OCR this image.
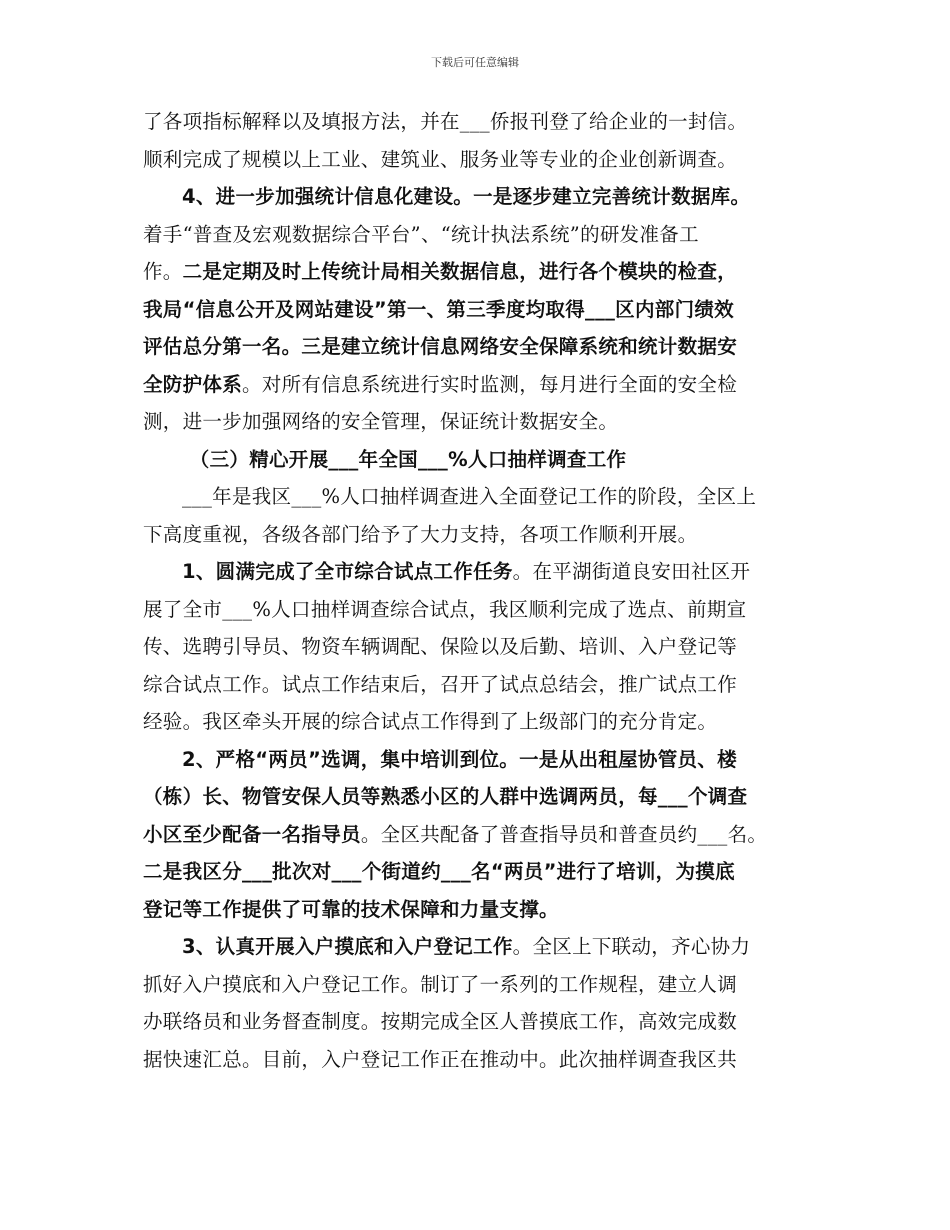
下载后可任意编辑

了各项指标解释以及填报方法，并在___侨报刊登了给企业的一封信。
顺利完成了规模以上工业、建筑业、服务业等专业的企业创新调查。

4、进一步加强统计信息化建设。一是逐步建立完善统计数据库。
着手“普查及宏观数据综合平台”、“统计执法系统”的研发准备工
作。二是定期及时上传统计局相关数据信息，进行各个模块的检查，
我局“信息公开及网站建设”第一、第三季度均取得___区内部门绩效
评估总分第一名。三是建立统计信息网络安全保障系统和统计数据安
全防护体系。对所有信息系统进行实时监测，每月进行全面的安全检
测，进一步加强网络的安全管理，保证统计数据安全。

（三）精心开展___年全国___%人口抽样调查工作

___年是我区___%人口抽样调查进入全面登记工作的阶段，全区上
下高度重视，各级各部门给予了大力支持，各项工作顺利开展。

1、圆满完成了全市综合试点工作任务。在平湖街道良安田社区开
展了全市___%人口抽样调查综合试点，我区顺利完成了选点、前期宣
传、选聘引导员、物资车辆调配、保险以及后勤、培训、入户登记等
综合试点工作。试点工作结束后，召开了试点总结会，推广试点工作
经验。我区牵头开展的综合试点工作得到了上级部门的充分肯定。

2、严格“两员”选调，集中培训到位。一是从出租屋协管员、楼
（栋）长、物管安保人员等熟悉小区的人群中选调两员，每___个调查
小区至少配备一名指导员。全区共配备了普查指导员和普查员约___名。
二是我区分___批次对___个街道约___名“两员”进行了培训，为摸底
登记等工作提供了可靠的技术保障和力量支撑。

3、认真开展入户摸底和入户登记工作。全区上下联动，齐心协力
抓好入户摸底和入户登记工作。制订了一系列的工作规程，建立人调
办联络员和业务督查制度。按期完成全区人普摸底工作，高效完成数
据快速汇总。目前，入户登记工作正在推动中。此次抽样调查我区共
